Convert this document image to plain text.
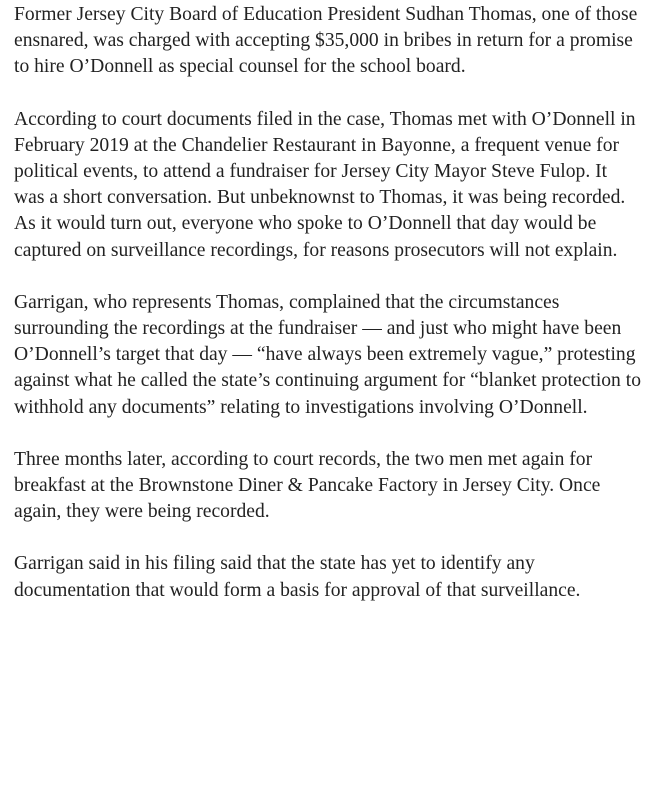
Former Jersey City Board of Education President Sudhan Thomas, one of those ensnared, was charged with accepting $35,000 in bribes in return for a promise to hire O’Donnell as special counsel for the school board.

According to court documents filed in the case, Thomas met with O’Donnell in February 2019 at the Chandelier Restaurant in Bayonne, a frequent venue for political events, to attend a fundraiser for Jersey City Mayor Steve Fulop. It was a short conversation. But unbeknownst to Thomas, it was being recorded. As it would turn out, everyone who spoke to O’Donnell that day would be captured on surveillance recordings, for reasons prosecutors will not explain.

Garrigan, who represents Thomas, complained that the circumstances surrounding the recordings at the fundraiser — and just who might have been O’Donnell’s target that day — “have always been extremely vague,” protesting against what he called the state’s continuing argument for “blanket protection to withhold any documents” relating to investigations involving O’Donnell.

Three months later, according to court records, the two men met again for breakfast at the Brownstone Diner & Pancake Factory in Jersey City. Once again, they were being recorded.

Garrigan said in his filing said that the state has yet to identify any documentation that would form a basis for approval of that surveillance.
